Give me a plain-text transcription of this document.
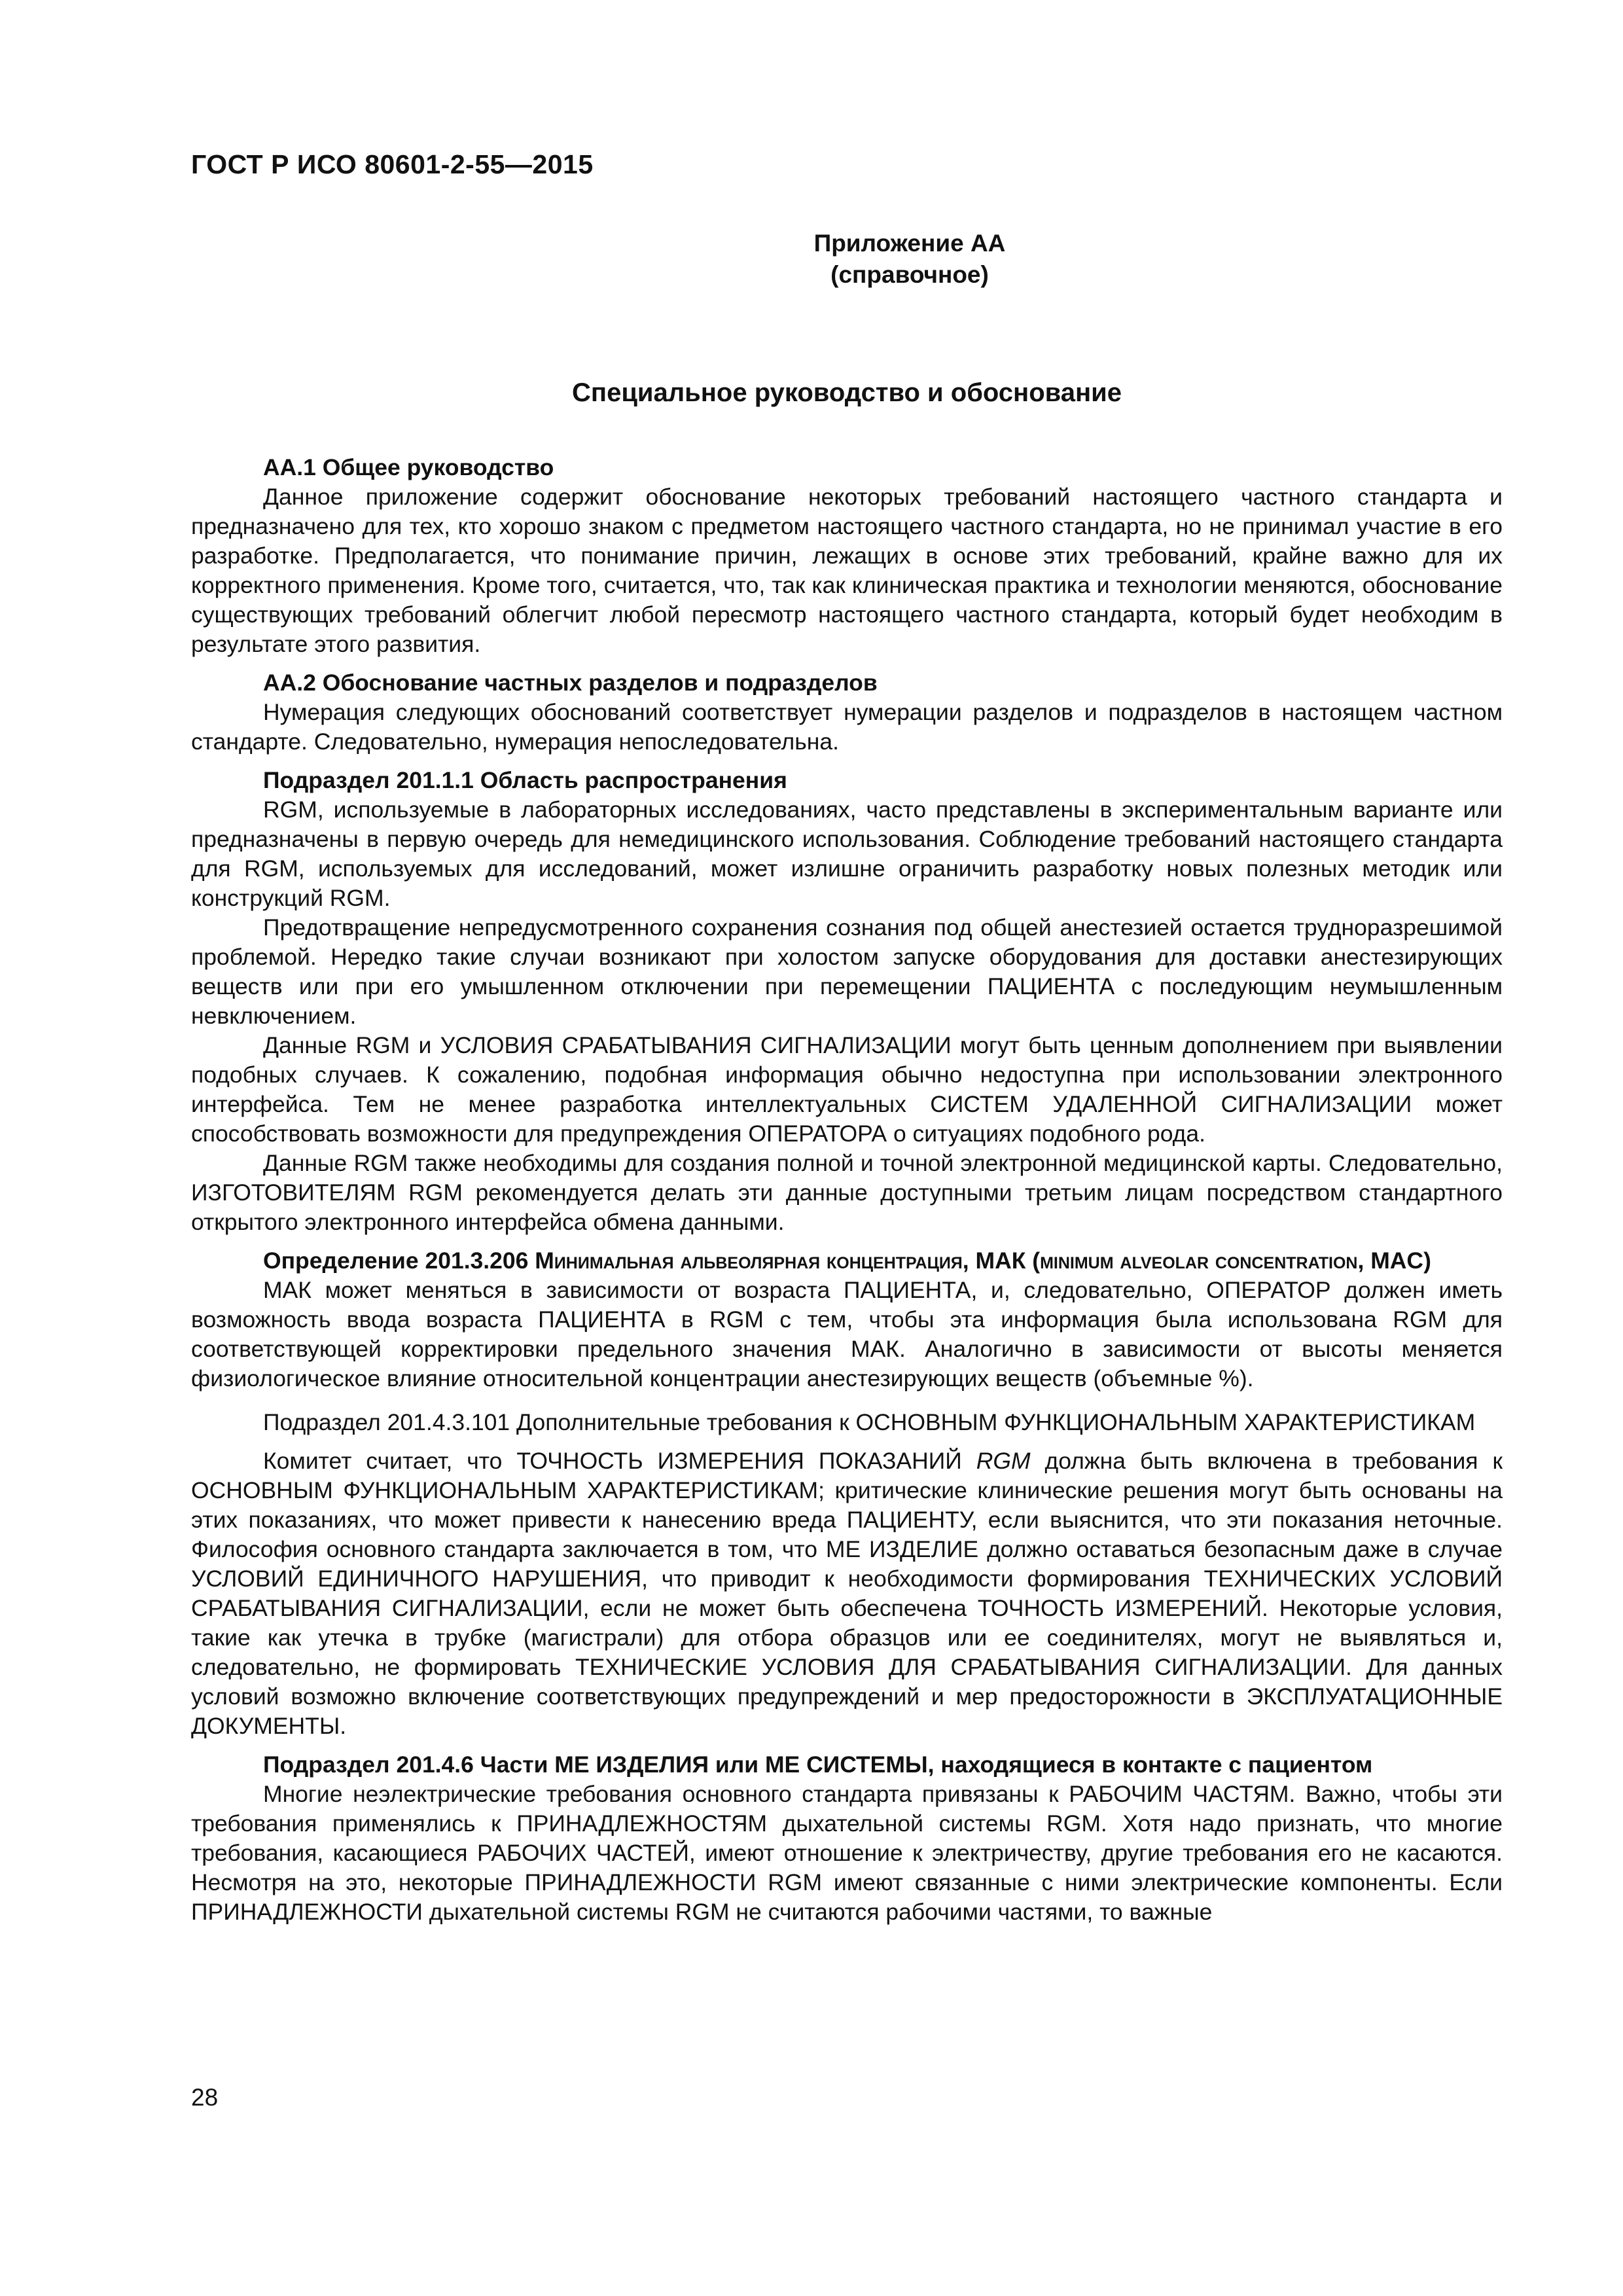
ГОСТ Р ИСО 80601-2-55—2015
Приложение АА
(справочное)
Специальное руководство и обоснование

АА.1 Общее руководство

Данное приложение содержит обоснование некоторых требований настоящего частного стандарта и предназначено для тех, кто хорошо знаком с предметом настоящего частного стандарта, но не принимал участие в его разработке. Предполагается, что понимание причин, лежащих в основе этих требований, крайне важно для их корректного применения. Кроме того, считается, что, так как клиническая практика и технологии меняются, обоснование существующих требований облегчит любой пересмотр настоящего частного стандарта, который будет необходим в результате этого развития.

АА.2 Обоснование частных разделов и подразделов

Нумерация следующих обоснований соответствует нумерации разделов и подразделов в настоящем частном стандарте. Следовательно, нумерация непоследовательна.

Подраздел 201.1.1 Область распространения

RGM, используемые в лабораторных исследованиях, часто представлены в экспериментальным варианте или предназначены в первую очередь для немедицинского использования. Соблюдение требований настоящего стандарта для RGM, используемых для исследований, может излишне ограничить разработку новых полезных методик или конструкций RGM.

Предотвращение непредусмотренного сохранения сознания под общей анестезией остается трудноразрешимой проблемой. Нередко такие случаи возникают при холостом запуске оборудования для доставки анестезирующих веществ или при его умышленном отключении при перемещении ПАЦИЕНТА с последующим неумышленным невключением.

Данные RGM и УСЛОВИЯ СРАБАТЫВАНИЯ СИГНАЛИЗАЦИИ могут быть ценным дополнением при выявлении подобных случаев. К сожалению, подобная информация обычно недоступна при использовании электронного интерфейса. Тем не менее разработка интеллектуальных СИСТЕМ УДАЛЕННОЙ СИГНАЛИЗАЦИИ может способствовать возможности для предупреждения ОПЕРАТОРА о ситуациях подобного рода.

Данные RGM также необходимы для создания полной и точной электронной медицинской карты. Следовательно, ИЗГОТОВИТЕЛЯМ RGM рекомендуется делать эти данные доступными третьим лицам посредством стандартного открытого электронного интерфейса обмена данными.

Определение 201.3.206 Минимальная альвеолярная концентрация, МАК (minimum alveolar concentration, MAC)

МАК может меняться в зависимости от возраста ПАЦИЕНТА, и, следовательно, ОПЕРАТОР должен иметь возможность ввода возраста ПАЦИЕНТА в RGM с тем, чтобы эта информация была использована RGM для соответствующей корректировки предельного значения МАК. Аналогично в зависимости от высоты меняется физиологическое влияние относительной концентрации анестезирующих веществ (объемные %).

Подраздел 201.4.3.101 Дополнительные требования к ОСНОВНЫМ ФУНКЦИОНАЛЬНЫМ ХАРАКТЕРИСТИКАМ

Комитет считает, что ТОЧНОСТЬ ИЗМЕРЕНИЯ ПОКАЗАНИЙ RGM должна быть включена в требования к ОСНОВНЫМ ФУНКЦИОНАЛЬНЫМ ХАРАКТЕРИСТИКАМ; критические клинические решения могут быть основаны на этих показаниях, что может привести к нанесению вреда ПАЦИЕНТУ, если выяснится, что эти показания неточные. Философия основного стандарта заключается в том, что МЕ ИЗДЕЛИЕ должно оставаться безопасным даже в случае УСЛОВИЙ ЕДИНИЧНОГО НАРУШЕНИЯ, что приводит к необходимости формирования ТЕХНИЧЕСКИХ УСЛОВИЙ СРАБАТЫВАНИЯ СИГНАЛИЗАЦИИ, если не может быть обеспечена ТОЧНОСТЬ ИЗМЕРЕНИЙ. Некоторые условия, такие как утечка в трубке (магистрали) для отбора образцов или ее соединителях, могут не выявляться и, следовательно, не формировать ТЕХНИЧЕСКИЕ УСЛОВИЯ ДЛЯ СРАБАТЫВАНИЯ СИГНАЛИЗАЦИИ. Для данных условий возможно включение соответствующих предупреждений и мер предосторожности в ЭКСПЛУАТАЦИОННЫЕ ДОКУМЕНТЫ.

Подраздел 201.4.6 Части МЕ ИЗДЕЛИЯ или МЕ СИСТЕМЫ, находящиеся в контакте с пациентом

Многие неэлектрические требования основного стандарта привязаны к РАБОЧИМ ЧАСТЯМ. Важно, чтобы эти требования применялись к ПРИНАДЛЕЖНОСТЯМ дыхательной системы RGM. Хотя надо признать, что многие требования, касающиеся РАБОЧИХ ЧАСТЕЙ, имеют отношение к электричеству, другие требования его не касаются. Несмотря на это, некоторые ПРИНАДЛЕЖНОСТИ RGM имеют связанные с ними электрические компоненты. Если ПРИНАДЛЕЖНОСТИ дыхательной системы RGM не считаются рабочими частями, то важные

28
